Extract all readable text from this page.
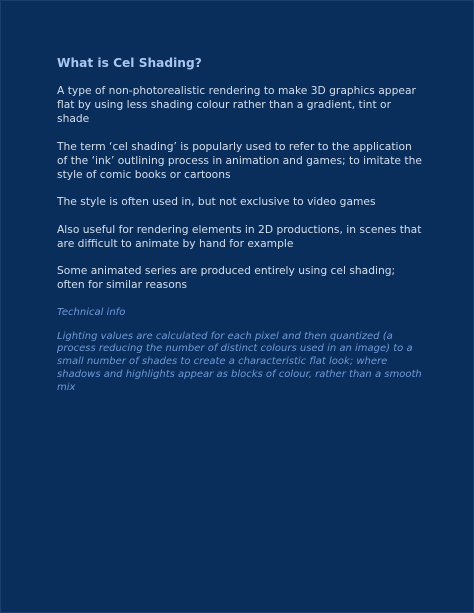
What is Cel Shading?

A type of non-photorealistic rendering to make 3D graphics appear flat by using less shading colour rather than a gradient, tint or shade

The term ‘cel shading’ is popularly used to refer to the application of the ‘ink’ outlining process in animation and games; to imitate the style of comic books or cartoons

The style is often used in, but not exclusive to video games

Also useful for rendering elements in 2D productions, in scenes that are difficult to animate by hand for example

Some animated series are produced entirely using cel shading; often for similar reasons

Technical info

Lighting values are calculated for each pixel and then quantized (a process reducing the number of distinct colours used in an image) to a small number of shades to create a characteristic flat look; where shadows and highlights appear as blocks of colour, rather than a smooth mix
